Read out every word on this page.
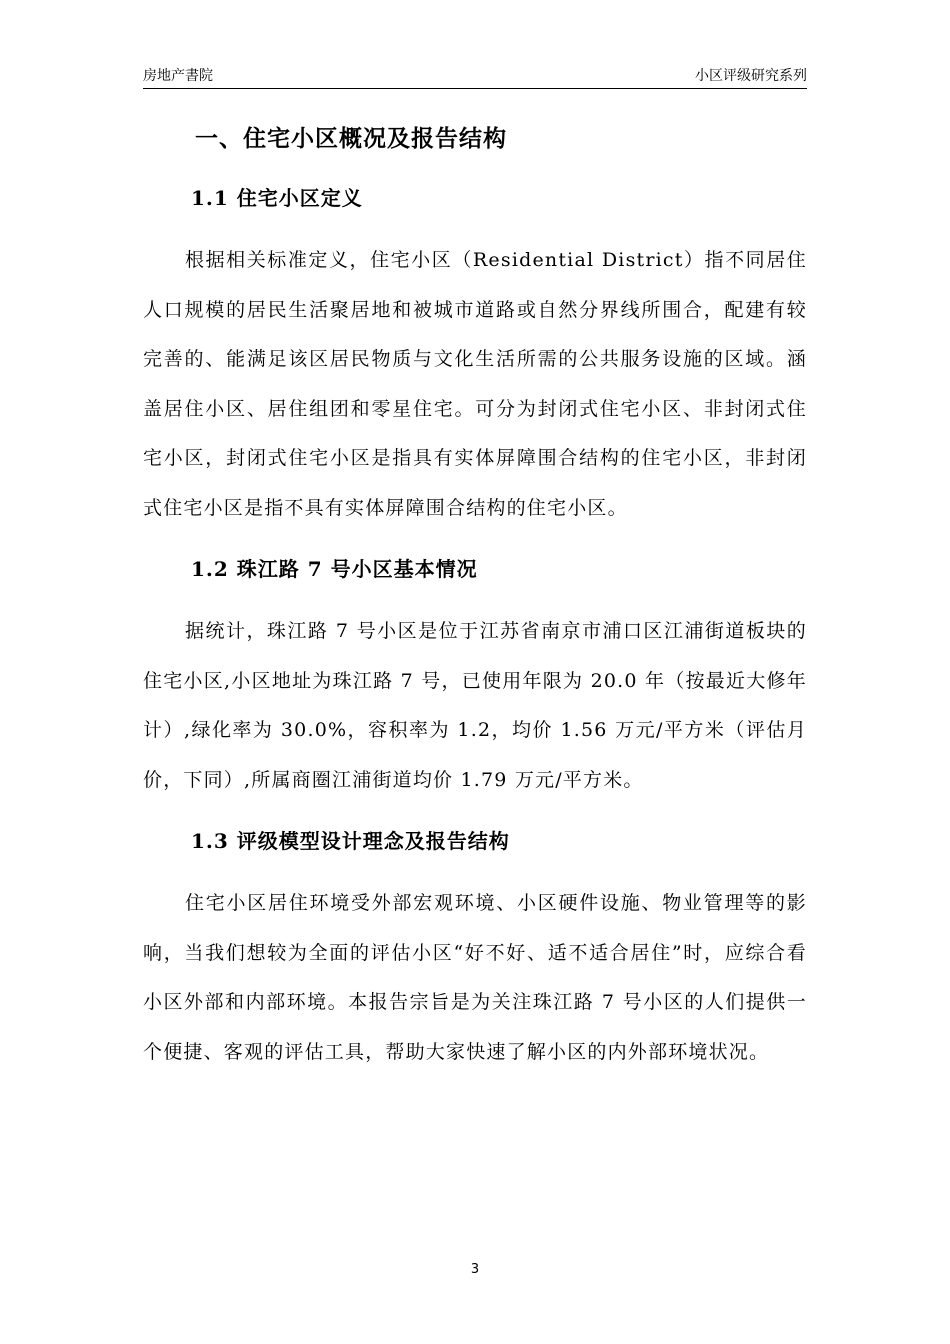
房地产書院	小区评级研究系列
一、住宅小区概况及报告结构
1.1 住宅小区定义

根据相关标准定义，住宅小区（Residential District）指不同居住人口规模的居民生活聚居地和被城市道路或自然分界线所围合，配建有较完善的、能满足该区居民物质与文化生活所需的公共服务设施的区域。涵盖居住小区、居住组团和零星住宅。可分为封闭式住宅小区、非封闭式住宅小区，封闭式住宅小区是指具有实体屏障围合结构的住宅小区，非封闭式住宅小区是指不具有实体屏障围合结构的住宅小区。

1.2 珠江路 7 号小区基本情况

据统计，珠江路 7 号小区是位于江苏省南京市浦口区江浦街道板块的住宅小区,小区地址为珠江路 7 号，已使用年限为 20.0 年（按最近大修年计）,绿化率为 30.0%，容积率为 1.2，均价 1.56 万元/平方米（评估月价，下同）,所属商圈江浦街道均价 1.79 万元/平方米。

1.3 评级模型设计理念及报告结构

住宅小区居住环境受外部宏观环境、小区硬件设施、物业管理等的影响，当我们想较为全面的评估小区“好不好、适不适合居住”时，应综合看小区外部和内部环境。本报告宗旨是为关注珠江路 7 号小区的人们提供一个便捷、客观的评估工具，帮助大家快速了解小区的内外部环境状况。

3
